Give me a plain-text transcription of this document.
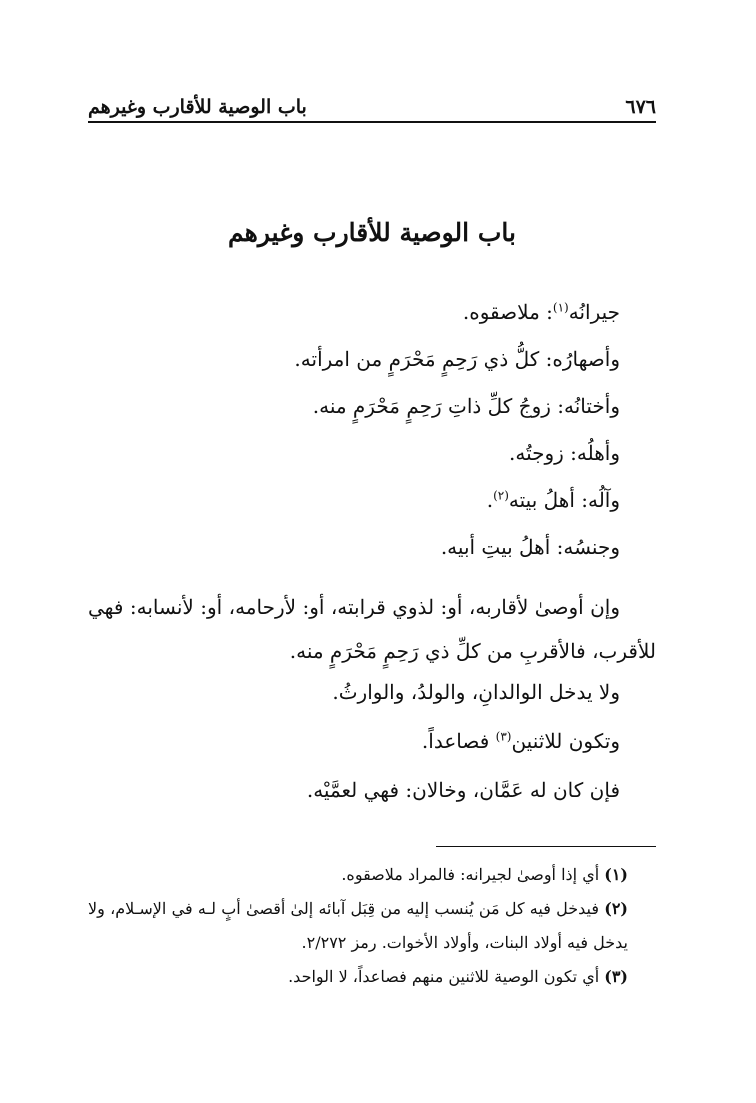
٦٧٦
باب الوصية للأقارب وغيرهم
باب الوصية للأقارب وغيرهم
جيرانُه$^{(١)}$: ملاصقوه.
وأصهارُه: كلُّ ذي رَحِمٍ مَحْرَمٍ من امرأته.
وأختانُه: زوجُ كلِّ ذاتِ رَحِمٍ مَحْرَمٍ منه.
وأهلُه: زوجتُه.
وآلُه: أهلُ بيته$^{(٢)}$.
وجنسُه: أهلُ بيتِ أبيه.
وإن أوصىٰ لأقاربه، أو: لذوي قرابته، أو: لأرحامه، أو: لأنسابه: فهي للأقرب، فالأقربِ من كلِّ ذي رَحِمٍ مَحْرَمٍ منه.
ولا يدخل الوالدانِ، والولدُ، والوارثُ.
وتكون للاثنين$^{(٣)}$ فصاعداً.
فإن كان له عَمَّان، وخالان: فهي لعمَّيْه.
(١) أي إذا أوصىٰ لجيرانه: فالمراد ملاصقوه.
(٢) فيدخل فيه كل مَن يُنسب إليه من قِبَل آبائه إلىٰ أقصىٰ أبٍ لـه في الإسـلام، ولا يدخل فيه أولاد البنات، وأولاد الأخوات. رمز ٢/٢٧٢.
(٣) أي تكون الوصية للاثنين منهم فصاعداً، لا الواحد.
